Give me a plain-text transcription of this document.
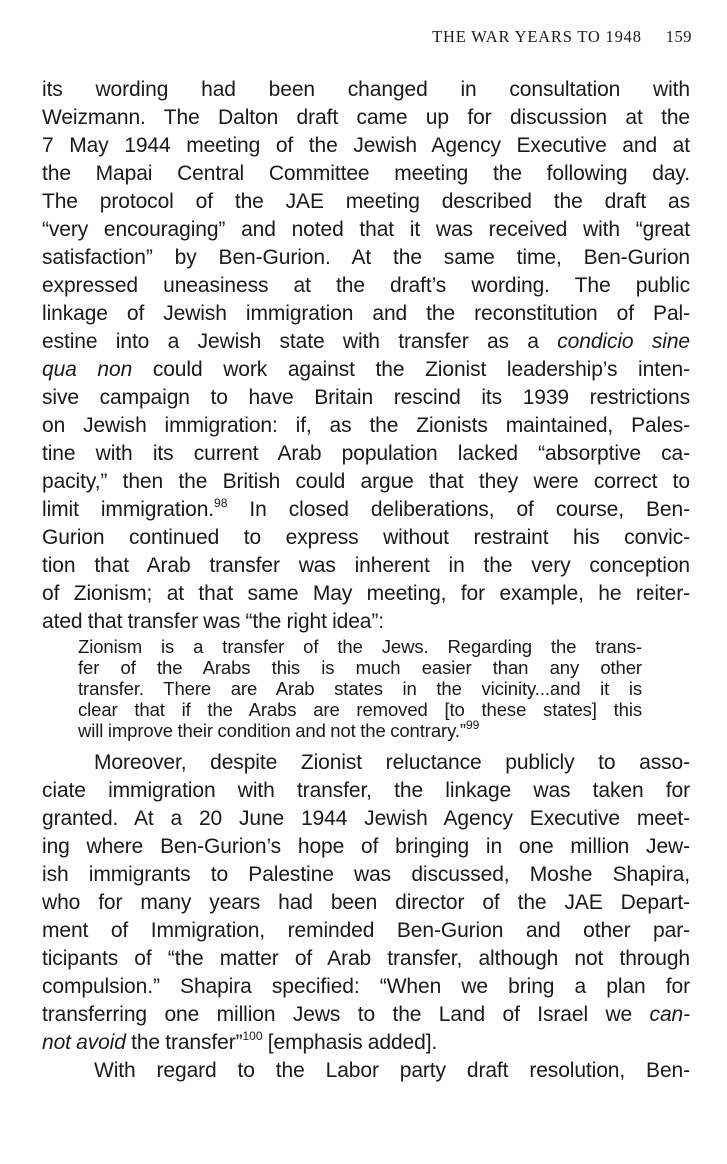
THE WAR YEARS TO 1948 159
its wording had been changed in consultation with
Weizmann. The Dalton draft came up for discussion at the
7 May 1944 meeting of the Jewish Agency Executive and at
the Mapai Central Committee meeting the following day.
The protocol of the JAE meeting described the draft as
“very encouraging” and noted that it was received with “great
satisfaction” by Ben-Gurion. At the same time, Ben-Gurion
expressed uneasiness at the draft’s wording. The public
linkage of Jewish immigration and the reconstitution of Pal-
estine into a Jewish state with transfer as a condicio sine
qua non could work against the Zionist leadership’s inten-
sive campaign to have Britain rescind its 1939 restrictions
on Jewish immigration: if, as the Zionists maintained, Pales-
tine with its current Arab population lacked “absorptive ca-
pacity,” then the British could argue that they were correct to
limit immigration.$^{98}$ In closed deliberations, of course, Ben-
Gurion continued to express without restraint his convic-
tion that Arab transfer was inherent in the very conception
of Zionism; at that same May meeting, for example, he reiter-
ated that transfer was “the right idea”:
Zionism is a transfer of the Jews. Regarding the trans-
fer of the Arabs this is much easier than any other
transfer. There are Arab states in the vicinity...and it is
clear that if the Arabs are removed [to these states] this
will improve their condition and not the contrary.”$^{99}$
Moreover, despite Zionist reluctance publicly to asso-
ciate immigration with transfer, the linkage was taken for
granted. At a 20 June 1944 Jewish Agency Executive meet-
ing where Ben-Gurion’s hope of bringing in one million Jew-
ish immigrants to Palestine was discussed, Moshe Shapira,
who for many years had been director of the JAE Depart-
ment of Immigration, reminded Ben-Gurion and other par-
ticipants of “the matter of Arab transfer, although not through
compulsion.” Shapira specified: “When we bring a plan for
transferring one million Jews to the Land of Israel we can-
not avoid the transfer”$^{100}$ [emphasis added].
With regard to the Labor party draft resolution, Ben-
